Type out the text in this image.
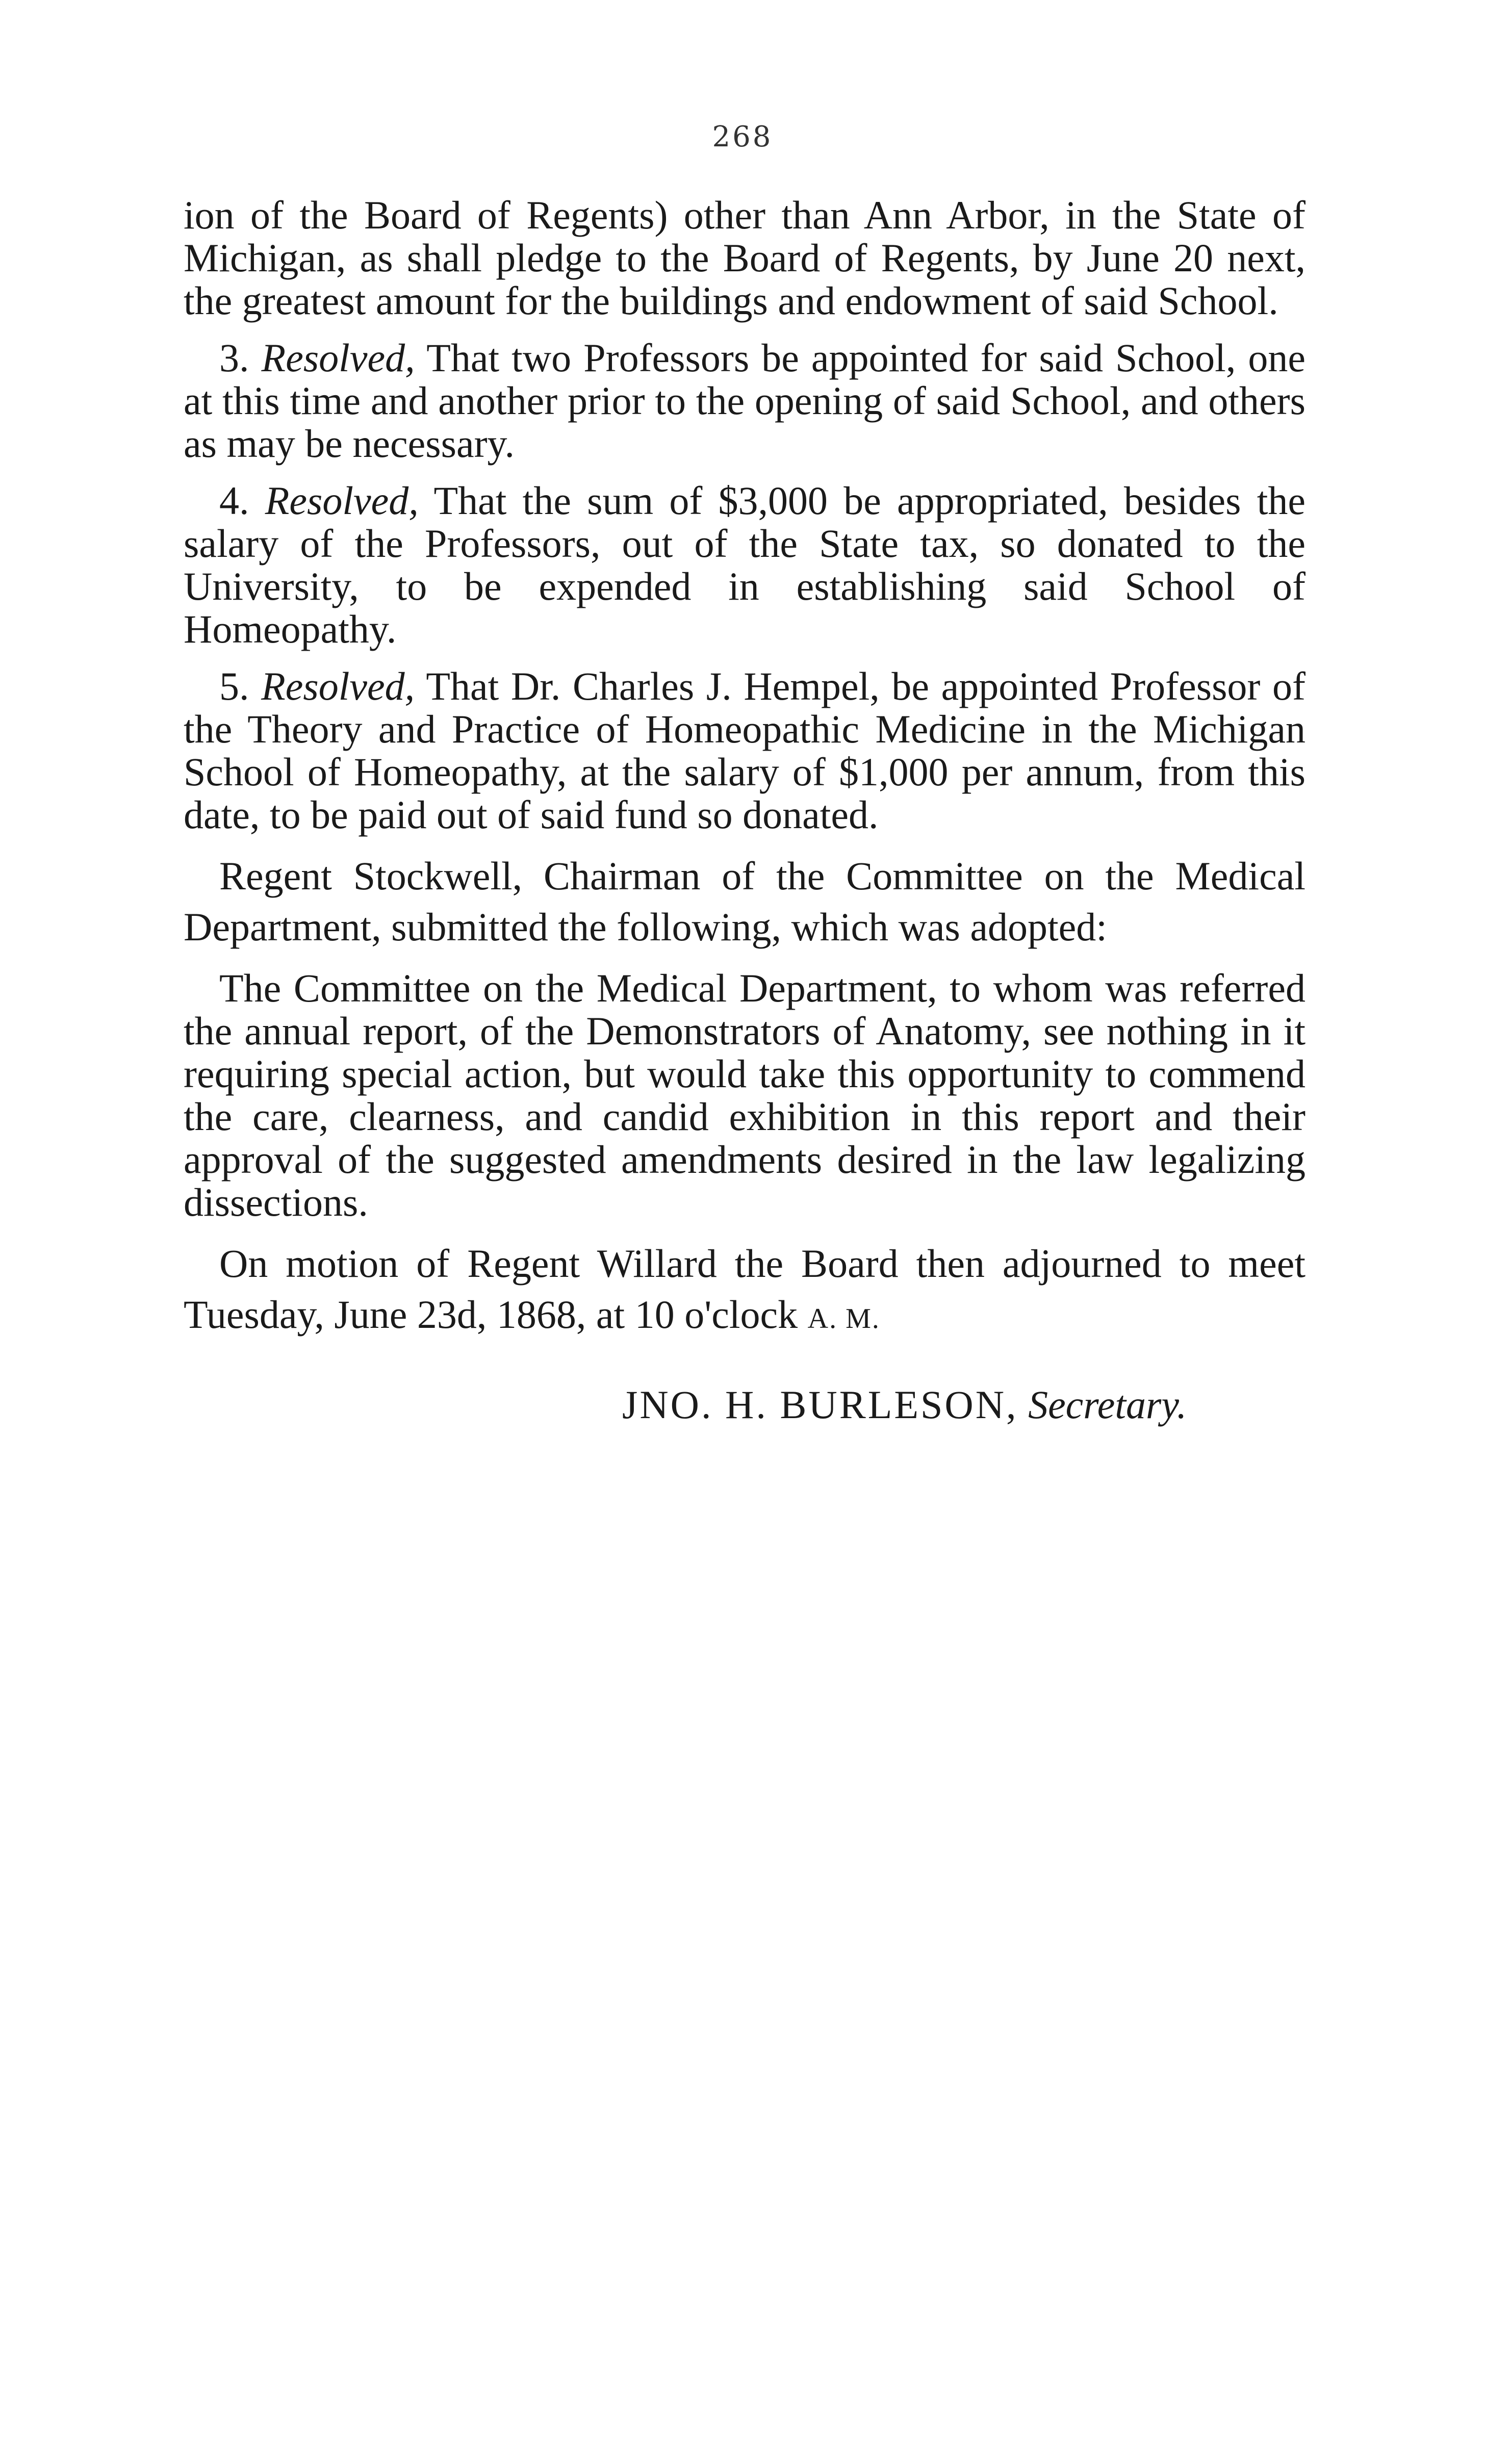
268

ion of the Board of Regents) other than Ann Arbor, in the State of Michigan, as shall pledge to the Board of Regents, by June 20 next, the greatest amount for the buildings and endowment of said School.

3. Resolved, That two Professors be appointed for said School, one at this time and another prior to the opening of said School, and others as may be necessary.

4. Resolved, That the sum of $3,000 be appropriated, besides the salary of the Professors, out of the State tax, so donated to the University, to be expended in establishing said School of Homeopathy.

5. Resolved, That Dr. Charles J. Hempel, be appointed Professor of the Theory and Practice of Homeopathic Medicine in the Michigan School of Homeopathy, at the salary of $1,000 per annum, from this date, to be paid out of said fund so donated.

Regent Stockwell, Chairman of the Committee on the Medical Department, submitted the following, which was adopted:

The Committee on the Medical Department, to whom was referred the annual report, of the Demonstrators of Anatomy, see nothing in it requiring special action, but would take this opportunity to commend the care, clearness, and candid exhibition in this report and their approval of the suggested amendments desired in the law legalizing dissections.

On motion of Regent Willard the Board then adjourned to meet Tuesday, June 23d, 1868, at 10 o'clock A. M.

JNO. H. BURLESON, Secretary.
